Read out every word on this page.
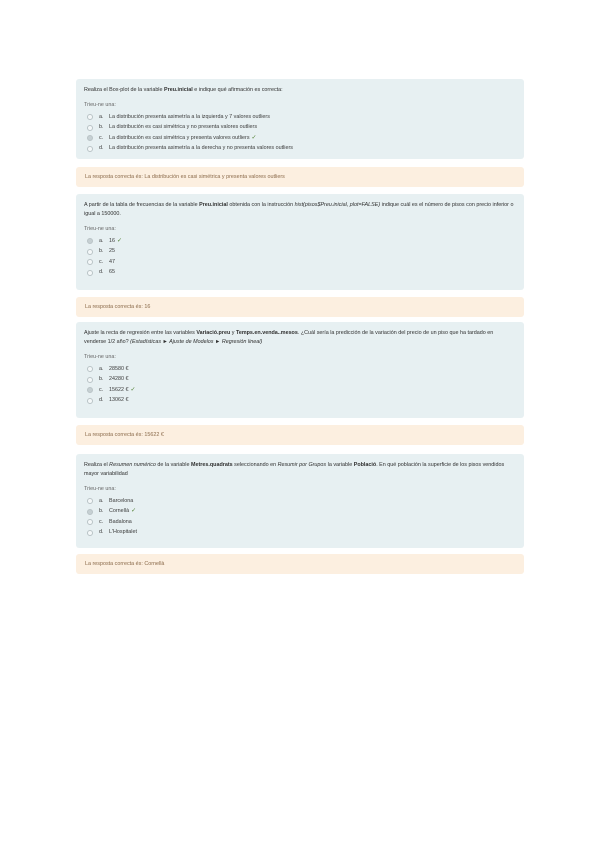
Realiza el Box-plot de la variable Preu.inicial e indique qué afirmación es correcta:

Trieu-ne una:
a.	La distribución presenta asimetría a la izquierda y 7 valores outliers
b.	La distribución es casi simétrica y no presenta valores outliers
c.	La distribución es casi simétrica y presenta valores outliers ✓
d.	La distribución presenta asimetría a la derecha y no presenta valores outliers
La resposta correcta és: La distribución es casi simétrica y presenta valores outliers

A partir de la tabla de frecuencias de la variable Preu.inicial obtenida con la instrucción hist(pisos$Preu.inicial, plot=FALSE) indique cuál es el número de pisos con precio inferior o igual a 150000.

Trieu-ne una:
a.	16 ✓
b.	25
c.	47
d.	65
La resposta correcta és: 16

Ajuste la recta de regresión entre las variables Variació.preu y Temps.en.venda..mesos. ¿Cuál sería la predicción de la variación del precio de un piso que ha tardado en venderse 1/2 año? (Estadísticas ► Ajuste de Modelos ► Regresión lineal)

Trieu-ne una:
a.	28580 €
b.	24280 €
c.	15622 € ✓
d.	13062 €
La resposta correcta és: 15622 €

Realiza el Resumen numérico de la variable Metres.quadrats seleccionando en Resumir por Grupos la variable Població. En qué población la superficie de los pisos vendidos mayor variabilidad

Trieu-ne una:
a.	Barcelona
b.	Cornellà ✓
c.	Badalona
d.	L'Hospitalet
La resposta correcta és: Cornellà
